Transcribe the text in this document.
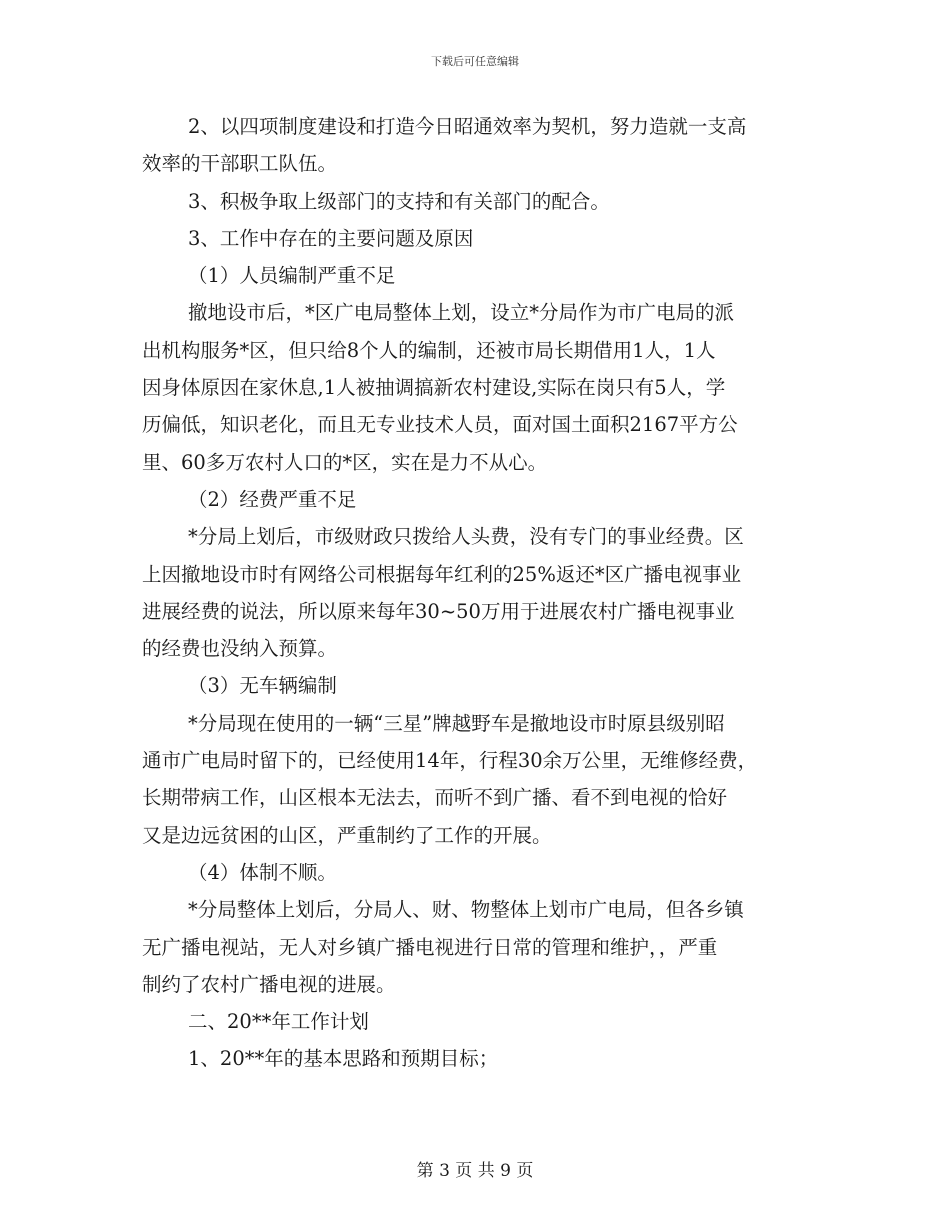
下载后可任意编辑
2、以四项制度建设和打造今日昭通效率为契机，努力造就一支高
效率的干部职工队伍。
3、积极争取上级部门的支持和有关部门的配合。
3、工作中存在的主要问题及原因
（1）人员编制严重不足
撤地设市后，*区广电局整体上划，设立*分局作为市广电局的派
出机构服务*区，但只给8个人的编制，还被市局长期借用1人，1人
因身体原因在家休息,1人被抽调搞新农村建设,实际在岗只有5人，学
历偏低，知识老化，而且无专业技术人员，面对国土面积2167平方公
里、60多万农村人口的*区，实在是力不从心。
（2）经费严重不足
*分局上划后，市级财政只拨给人头费，没有专门的事业经费。区
上因撤地设市时有网络公司根据每年红利的25%返还*区广播电视事业
进展经费的说法，所以原来每年30~50万用于进展农村广播电视事业
的经费也没纳入预算。
（3）无车辆编制
*分局现在使用的一辆“三星”牌越野车是撤地设市时原县级别昭
通市广电局时留下的，已经使用14年，行程30余万公里，无维修经费，
长期带病工作，山区根本无法去，而听不到广播、看不到电视的恰好
又是边远贫困的山区，严重制约了工作的开展。
（4）体制不顺。
*分局整体上划后，分局人、财、物整体上划市广电局，但各乡镇
无广播电视站，无人对乡镇广播电视进行日常的管理和维护，，严重
制约了农村广播电视的进展。
二、20**年工作计划
1、20**年的基本思路和预期目标；
第 3 页 共 9 页
